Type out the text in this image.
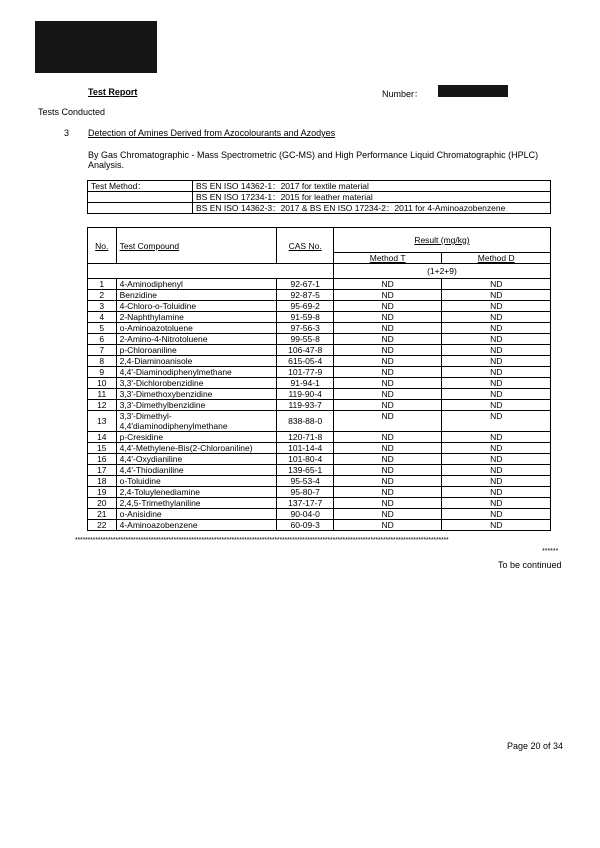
Test Report	Number：
Tests Conducted
3 Detection of Amines Derived from Azocolourants and Azodyes
By Gas Chromatographic - Mass Spectrometric (GC-MS) and High Performance Liquid Chromatographic (HPLC)
Analysis.
Test Method：	BS EN ISO 14362-1：2017 for textile material
	BS EN ISO 17234-1：2015 for leather material
	BS EN ISO 14362-3：2017 & BS EN ISO 17234-2：2011 for 4-Aminoazobenzene
No.	Test Compound	CAS No.	Result (mg/kg)	
			Method T	Method D
			(1+2+9)	
1	4-Aminodiphenyl	92-67-1	ND	ND
2	Benzidine	92-87-5	ND	ND
3	4-Chloro-o-Toluidine	95-69-2	ND	ND
4	2-Naphthylamine	91-59-8	ND	ND
5	o-Aminoazotoluene	97-56-3	ND	ND
6	2-Amino-4-Nitrotoluene	99-55-8	ND	ND
7	p-Chloroaniline	106-47-8	ND	ND
8	2,4-Diaminoanisole	615-05-4	ND	ND
9	4,4'-Diaminodiphenylmethane	101-77-9	ND	ND
10	3,3'-Dichlorobenzidine	91-94-1	ND	ND
11	3,3'-Dimethoxybenzidine	119-90-4	ND	ND
12	3,3'-Dimethylbenzidine	119-93-7	ND	ND
13	3,3'-Dimethyl-
4,4'diaminodiphenylmethane	838-88-0	ND	ND
14	p-Cresidine	120-71-8	ND	ND
15	4,4'-Methylene-Bis(2-Chloroaniline)	101-14-4	ND	ND
16	4,4'-Oxydianiline	101-80-4	ND	ND
17	4,4'-Thiodianiline	139-65-1	ND	ND
18	o-Toluidine	95-53-4	ND	ND
19	2,4-Toluylenediamine	95-80-7	ND	ND
20	2,4,5-Trimethylaniline	137-17-7	ND	ND
21	o-Anisidine	90-04-0	ND	ND
22	4-Aminoazobenzene	60-09-3	ND	ND
****************************************************************************************************************************************************
******
To be continued
Page 20 of 34
